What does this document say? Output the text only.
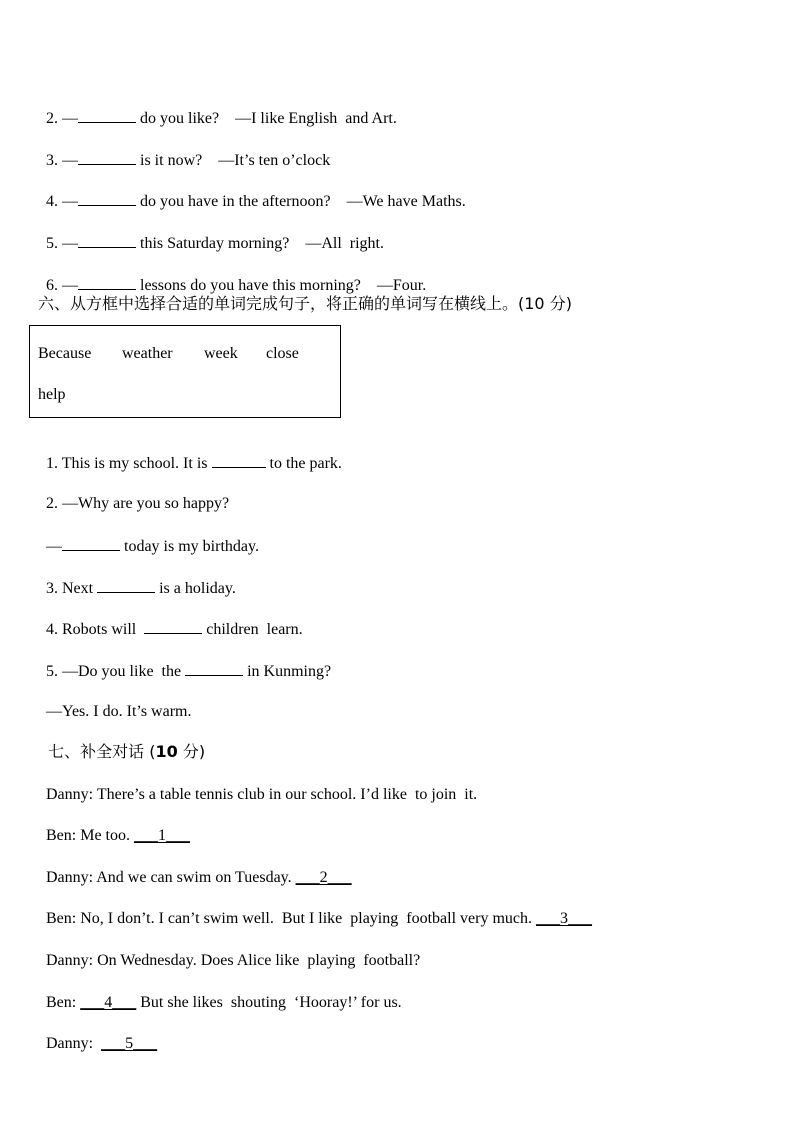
2. —	do you like? —I like English  and Art.

3. —	is it now? —It’s ten o’clock

4. —	do you have in the afternoon? —We have Maths.

5. —	this Saturday morning? —All  right.

6. —	lessons do you have this morning? —Four.

六、从方框中选择合适的单词完成句子，将正确的单词写在横线上。(10 分)
Because weather week close
help

1. This is my school. It is	to the park.

2. —Why are you so happy?

—	today is my birthday.

3. Next	is a holiday.

4. Robots will	children  learn.

5. —Do you like  the	in Kunming?

—Yes. I do. It’s warm.

七、补全对话 (10 分)

Danny: There’s a table tennis club in our school. I’d like  to join  it.

Ben: Me too. ___1___

Danny: And we can swim on Tuesday. ___2___

Ben: No, I don’t. I can’t swim well.  But I like  playing  football very much. ___3___

Danny: On Wednesday. Does Alice like  playing  football?

Ben: ___4___ But she likes  shouting  ‘Hooray!’ for us.

Danny: ___5___
